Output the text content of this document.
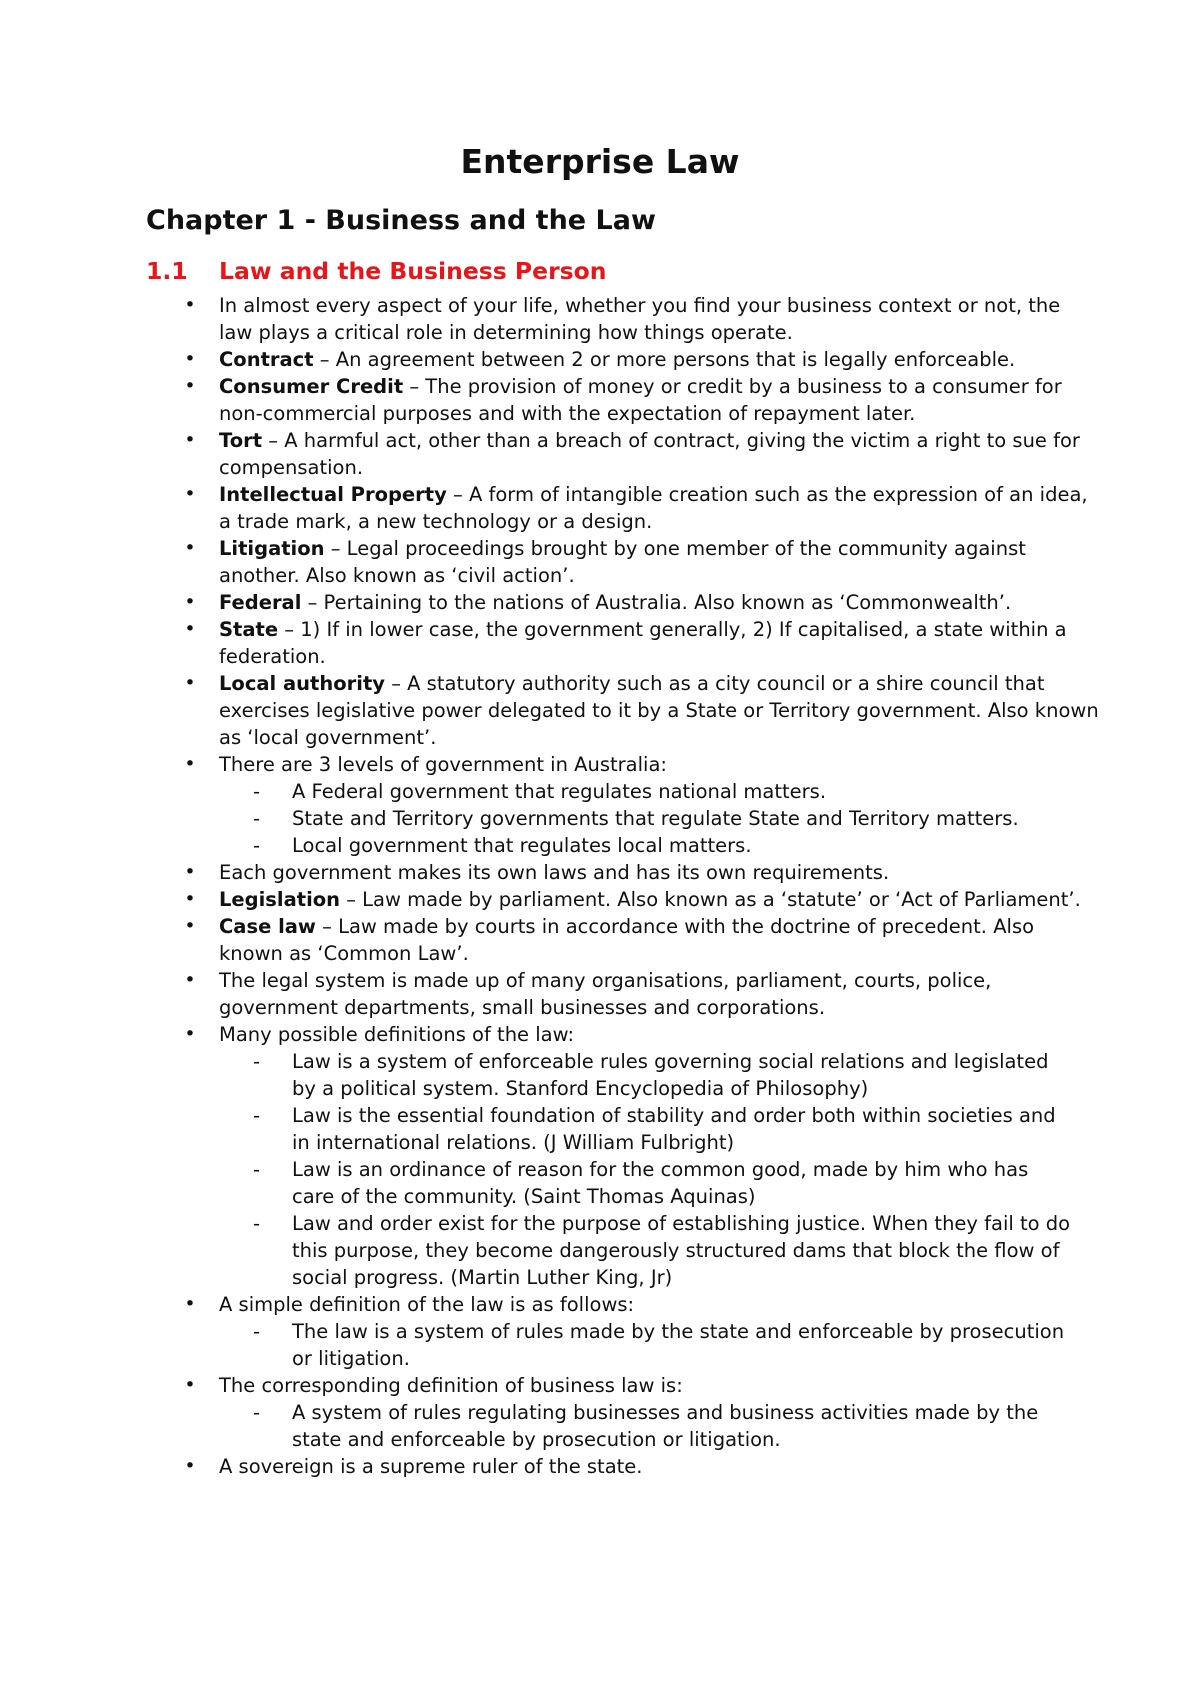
Enterprise Law
Chapter 1 - Business and the Law
1.1 Law and the Business Person
• In almost every aspect of your life, whether you find your business context or not, the law plays a critical role in determining how things operate.
• Contract – An agreement between 2 or more persons that is legally enforceable.
• Consumer Credit – The provision of money or credit by a business to a consumer for non-commercial purposes and with the expectation of repayment later.
• Tort – A harmful act, other than a breach of contract, giving the victim a right to sue for compensation.
• Intellectual Property – A form of intangible creation such as the expression of an idea, a trade mark, a new technology or a design.
• Litigation – Legal proceedings brought by one member of the community against another. Also known as ‘civil action’.
• Federal – Pertaining to the nations of Australia. Also known as ‘Commonwealth’.
• State – 1) If in lower case, the government generally, 2) If capitalised, a state within a federation.
• Local authority – A statutory authority such as a city council or a shire council that exercises legislative power delegated to it by a State or Territory government. Also known as ‘local government’.
• There are 3 levels of government in Australia:
- A Federal government that regulates national matters.
- State and Territory governments that regulate State and Territory matters.
- Local government that regulates local matters.
• Each government makes its own laws and has its own requirements.
• Legislation – Law made by parliament. Also known as a ‘statute’ or ‘Act of Parliament’.
• Case law – Law made by courts in accordance with the doctrine of precedent. Also known as ‘Common Law’.
• The legal system is made up of many organisations, parliament, courts, police, government departments, small businesses and corporations.
• Many possible definitions of the law:
- Law is a system of enforceable rules governing social relations and legislated by a political system. Stanford Encyclopedia of Philosophy)
- Law is the essential foundation of stability and order both within societies and in international relations. (J William Fulbright)
- Law is an ordinance of reason for the common good, made by him who has care of the community. (Saint Thomas Aquinas)
- Law and order exist for the purpose of establishing justice. When they fail to do this purpose, they become dangerously structured dams that block the flow of social progress. (Martin Luther King, Jr)
• A simple definition of the law is as follows:
- The law is a system of rules made by the state and enforceable by prosecution or litigation.
• The corresponding definition of business law is:
- A system of rules regulating businesses and business activities made by the state and enforceable by prosecution or litigation.
• A sovereign is a supreme ruler of the state.
